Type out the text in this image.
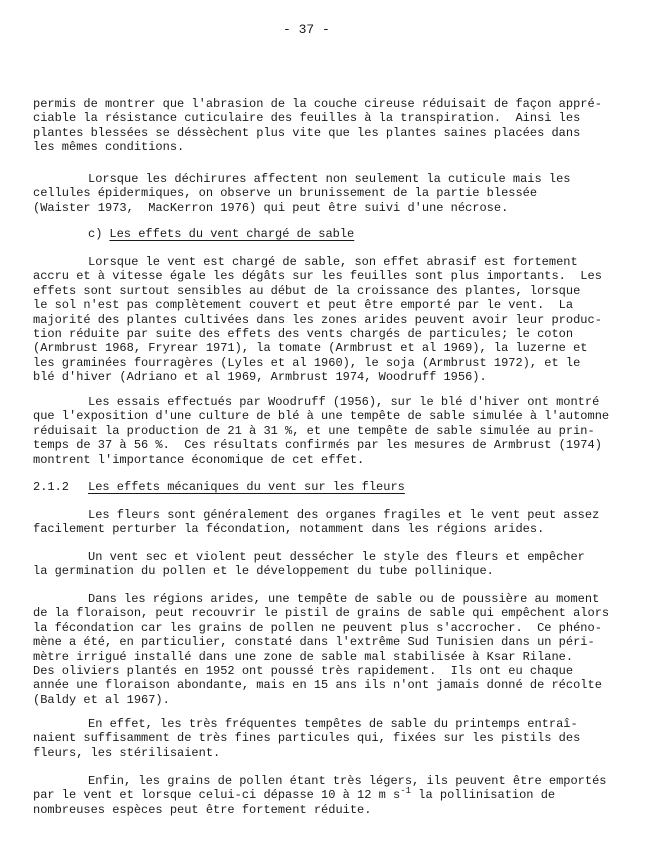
- 37 -
permis de montrer que l'abrasion de la couche cireuse réduisait de façon appré-
ciable la résistance cuticulaire des feuilles à la transpiration.  Ainsi les
plantes blessées se déssèchent plus vite que les plantes saines placées dans
les mêmes conditions.
Lorsque les déchirures affectent non seulement la cuticule mais les
cellules épidermiques, on observe un brunissement de la partie blessée
(Waister 1973,  MacKerron 1976) qui peut être suivi d'une nécrose.
c) Les effets du vent chargé de sable
Lorsque le vent est chargé de sable, son effet abrasif est fortement
accru et à vitesse égale les dégâts sur les feuilles sont plus importants.  Les
effets sont surtout sensibles au début de la croissance des plantes, lorsque
le sol n'est pas complètement couvert et peut être emporté par le vent.  La
majorité des plantes cultivées dans les zones arides peuvent avoir leur produc-
tion réduite par suite des effets des vents chargés de particules; le coton
(Armbrust 1968, Fryrear 1971), la tomate (Armbrust et al 1969), la luzerne et
les graminées fourragères (Lyles et al 1960), le soja (Armbrust 1972), et le
blé d'hiver (Adriano et al 1969, Armbrust 1974, Woodruff 1956).
Les essais effectués par Woodruff (1956), sur le blé d'hiver ont montré
que l'exposition d'une culture de blé à une tempête de sable simulée à l'automne
réduisait la production de 21 à 31 %, et une tempête de sable simulée au prin-
temps de 37 à 56 %.  Ces résultats confirmés par les mesures de Armbrust (1974)
montrent l'importance économique de cet effet.
2.1.2 Les effets mécaniques du vent sur les fleurs
Les fleurs sont généralement des organes fragiles et le vent peut assez
facilement perturber la fécondation, notamment dans les régions arides.
Un vent sec et violent peut dessécher le style des fleurs et empêcher
la germination du pollen et le développement du tube pollinique.
Dans les régions arides, une tempête de sable ou de poussière au moment
de la floraison, peut recouvrir le pistil de grains de sable qui empêchent alors
la fécondation car les grains de pollen ne peuvent plus s'accrocher.  Ce phéno-
mène a été, en particulier, constaté dans l'extrême Sud Tunisien dans un péri-
mètre irrigué installé dans une zone de sable mal stabilisée à Ksar Rilane.
Des oliviers plantés en 1952 ont poussé très rapidement.  Ils ont eu chaque
année une floraison abondante, mais en 15 ans ils n'ont jamais donné de récolte
(Baldy et al 1967).
En effet, les très fréquentes tempêtes de sable du printemps entraî-
naient suffisamment de très fines particules qui, fixées sur les pistils des
fleurs, les stérilisaient.
Enfin, les grains de pollen étant très légers, ils peuvent être emportés
par le vent et lorsque celui-ci dépasse 10 à 12 m $s^{-1}$ la pollinisation de
nombreuses espèces peut être fortement réduite.
